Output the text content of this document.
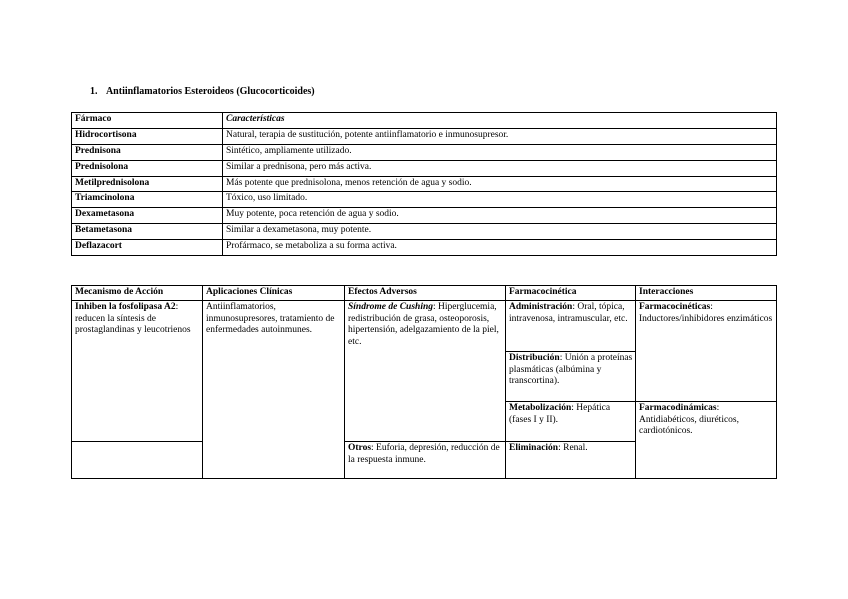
1. Antiinflamatorios Esteroideos (Glucocorticoides)
Fármaco	Características
Hidrocortisona	Natural, terapia de sustitución, potente antiinflamatorio e inmunosupresor.
Prednisona	Sintético, ampliamente utilizado.
Prednisolona	Similar a prednisona, pero más activa.
Metilprednisolona	Más potente que prednisolona, menos retención de agua y sodio.
Triamcinolona	Tóxico, uso limitado.
Dexametasona	Muy potente, poca retención de agua y sodio.
Betametasona	Similar a dexametasona, muy potente.
Deflazacort	Profármaco, se metaboliza a su forma activa.
Mecanismo de Acción	Aplicaciones Clínicas	Efectos Adversos	Farmacocinética	Interacciones
Inhiben la fosfolipasa A2: reducen la síntesis de prostaglandinas y leucotrienos	Antiinflamatorios, inmunosupresores, tratamiento de enfermedades autoinmunes.	Síndrome de Cushing: Hiperglucemia, redistribución de grasa, osteoporosis, hipertensión, adelgazamiento de la piel, etc.	Administración: Oral, tópica, intravenosa, intramuscular, etc.	Farmacocinéticas: Inductores/inhibidores enzimáticos
			Distribución: Unión a proteínas plasmáticas (albúmina y transcortina).	
			Metabolización: Hepática (fases I y II).	Farmacodinámicas: Antidiabéticos, diuréticos, cardiotónicos.
		Otros: Euforia, depresión, reducción de la respuesta inmune.	Eliminación: Renal.	
